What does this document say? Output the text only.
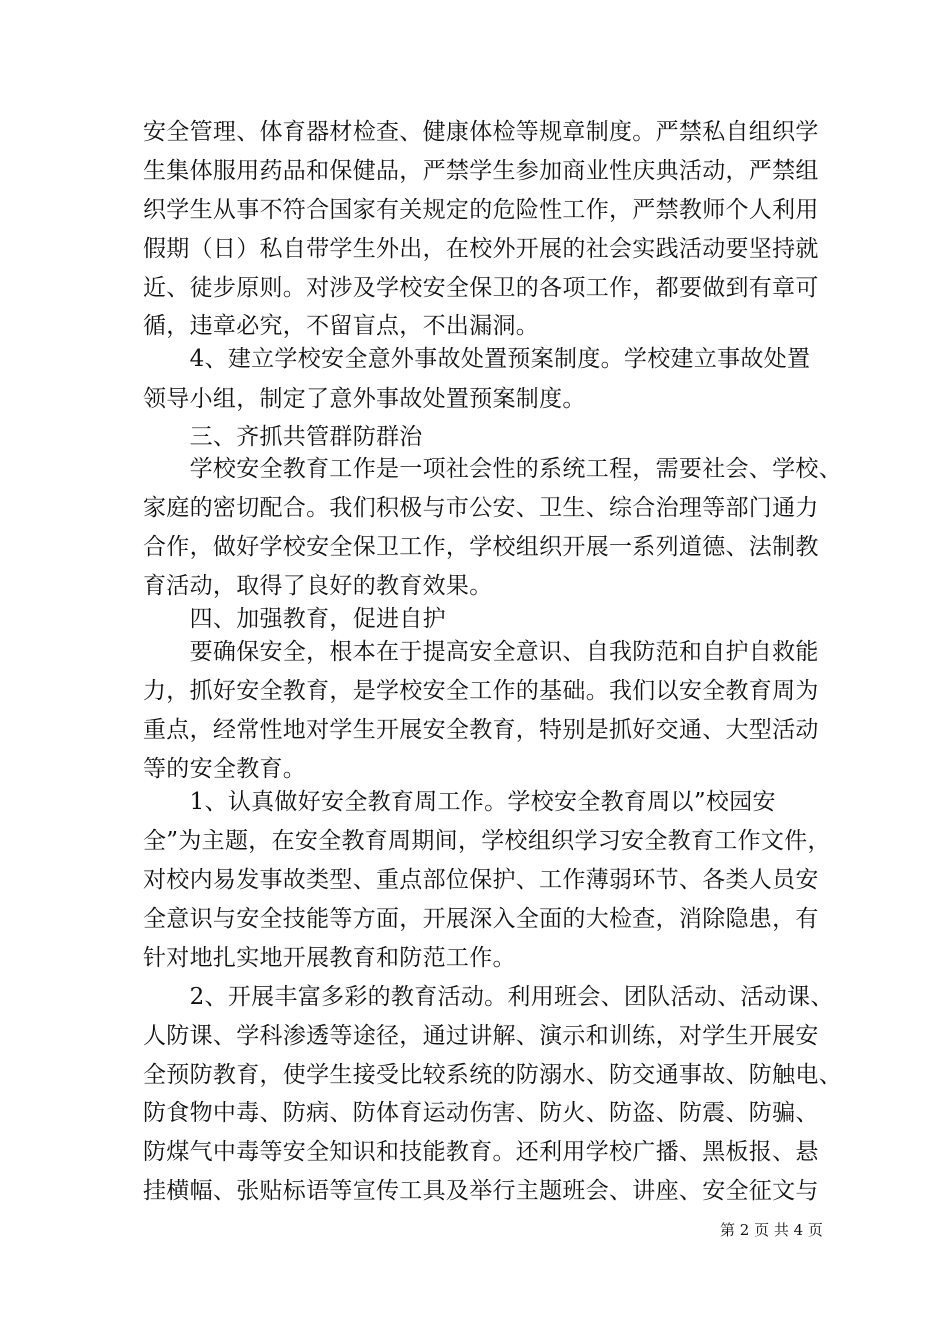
安全管理、体育器材检查、健康体检等规章制度。严禁私自组织学
生集体服用药品和保健品，严禁学生参加商业性庆典活动，严禁组
织学生从事不符合国家有关规定的危险性工作，严禁教师个人利用
假期（日）私自带学生外出，在校外开展的社会实践活动要坚持就
近、徒步原则。对涉及学校安全保卫的各项工作，都要做到有章可
循，违章必究，不留盲点，不出漏洞。
　　4、建立学校安全意外事故处置预案制度。学校建立事故处置
领导小组，制定了意外事故处置预案制度。
　　三、齐抓共管群防群治
　　学校安全教育工作是一项社会性的系统工程，需要社会、学校、
家庭的密切配合。我们积极与市公安、卫生、综合治理等部门通力
合作，做好学校安全保卫工作，学校组织开展一系列道德、法制教
育活动，取得了良好的教育效果。
　　四、加强教育，促进自护
　　要确保安全，根本在于提高安全意识、自我防范和自护自救能
力，抓好安全教育，是学校安全工作的基础。我们以安全教育周为
重点，经常性地对学生开展安全教育，特别是抓好交通、大型活动
等的安全教育。
　　1、认真做好安全教育周工作。学校安全教育周以”校园安
全”为主题，在安全教育周期间，学校组织学习安全教育工作文件，
对校内易发事故类型、重点部位保护、工作薄弱环节、各类人员安
全意识与安全技能等方面，开展深入全面的大检查，消除隐患，有
针对地扎实地开展教育和防范工作。
　　2、开展丰富多彩的教育活动。利用班会、团队活动、活动课、
人防课、学科渗透等途径，通过讲解、演示和训练，对学生开展安
全预防教育，使学生接受比较系统的防溺水、防交通事故、防触电、
防食物中毒、防病、防体育运动伤害、防火、防盗、防震、防骗、
防煤气中毒等安全知识和技能教育。还利用学校广播、黑板报、悬
挂横幅、张贴标语等宣传工具及举行主题班会、讲座、安全征文与
第 2 页 共 4 页
